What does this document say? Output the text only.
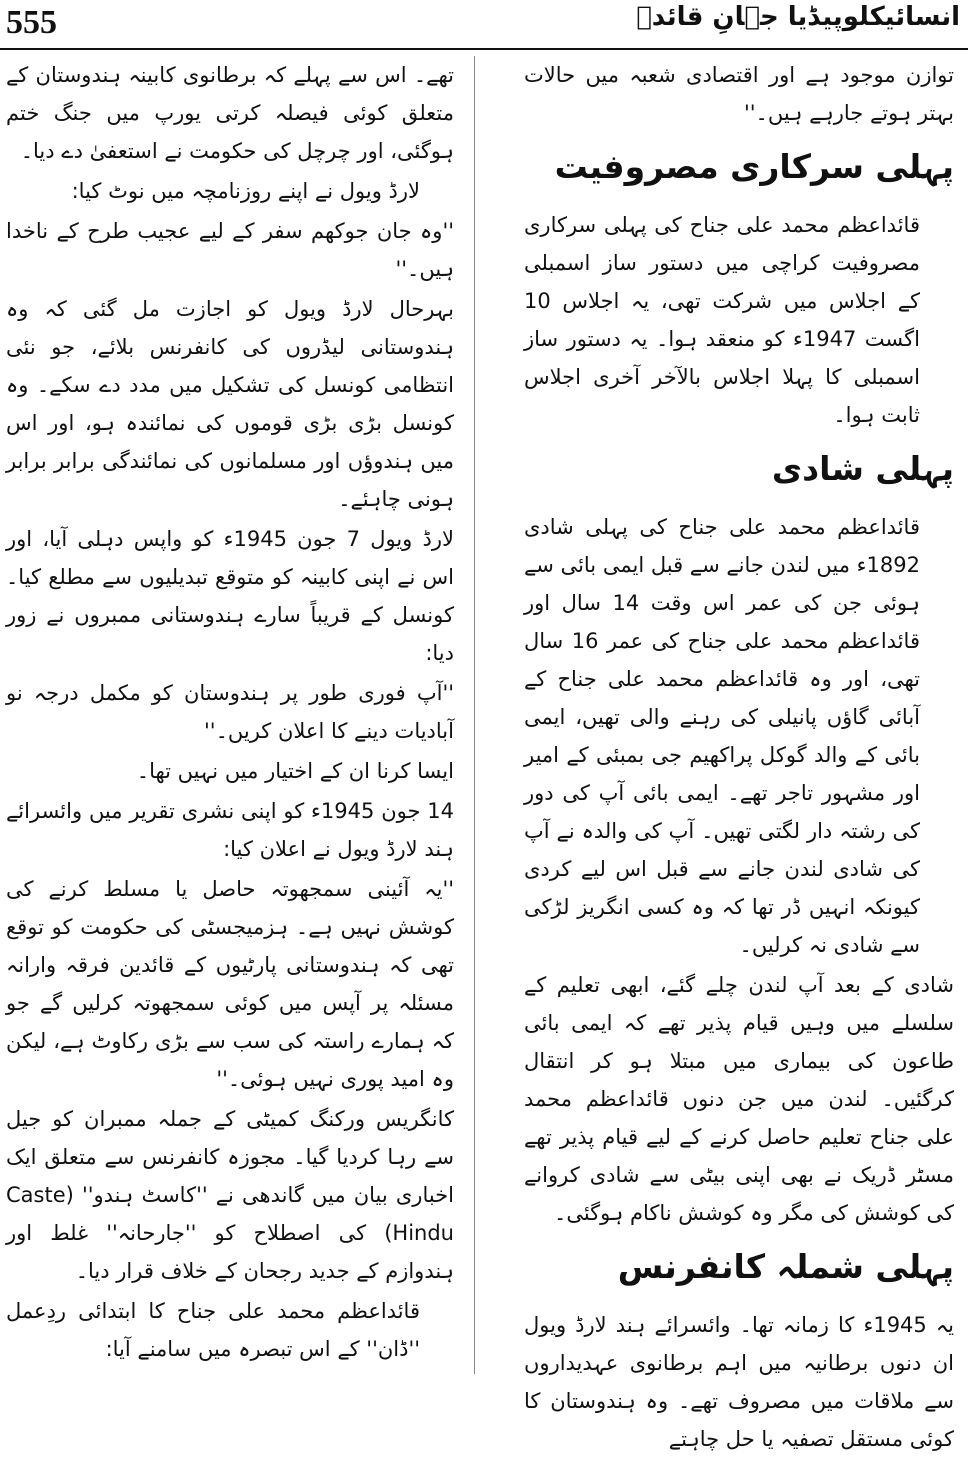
555	انسائیکلوپیڈیا جہانِ قائدؒ

توازن موجود ہے اور اقتصادی شعبہ میں حالات بہتر ہوتے جارہے ہیں۔''

پہلی سرکاری مصروفیت

قائداعظم محمد علی جناح کی پہلی سرکاری مصروفیت کراچی میں دستور ساز اسمبلی کے اجلاس میں شرکت تھی، یہ اجلاس 10 اگست 1947ء کو منعقد ہوا۔ یہ دستور ساز اسمبلی کا پہلا اجلاس بالآخر آخری اجلاس ثابت ہوا۔

پہلی شادی

قائداعظم محمد علی جناح کی پہلی شادی 1892ء میں لندن جانے سے قبل ایمی بائی سے ہوئی جن کی عمر اس وقت 14 سال اور قائداعظم محمد علی جناح کی عمر 16 سال تھی، اور وہ قائداعظم محمد علی جناح کے آبائی گاؤں پانیلی کی رہنے والی تھیں، ایمی بائی کے والد گوکل پراکھیم جی بمبئی کے امیر اور مشہور تاجر تھے۔ ایمی بائی آپ کی دور کی رشتہ دار لگتی تھیں۔ آپ کی والدہ نے آپ کی شادی لندن جانے سے قبل اس لیے کردی کیونکہ انہیں ڈر تھا کہ وہ کسی انگریز لڑکی سے شادی نہ کرلیں۔

شادی کے بعد آپ لندن چلے گئے، ابھی تعلیم کے سلسلے میں وہیں قیام پذیر تھے کہ ایمی بائی طاعون کی بیماری میں مبتلا ہو کر انتقال کرگئیں۔ لندن میں جن دنوں قائداعظم محمد علی جناح تعلیم حاصل کرنے کے لیے قیام پذیر تھے مسٹر ڈریک نے بھی اپنی بیٹی سے شادی کروانے کی کوشش کی مگر وہ کوشش ناکام ہوگئی۔

پہلی شملہ کانفرنس

یہ 1945ء کا زمانہ تھا۔ وائسرائے ہند لارڈ ویول ان دنوں برطانیہ میں اہم برطانوی عہدیداروں سے ملاقات میں مصروف تھے۔ وہ ہندوستان کا کوئی مستقل تصفیہ یا حل چاہتے

تھے۔ اس سے پہلے کہ برطانوی کابینہ ہندوستان کے متعلق کوئی فیصلہ کرتی یورپ میں جنگ ختم ہوگئی، اور چرچل کی حکومت نے استعفیٰ دے دیا۔

لارڈ ویول نے اپنے روزنامچہ میں نوٹ کیا:

''وہ جان جوکھم سفر کے لیے عجیب طرح کے ناخدا ہیں۔''

بہرحال لارڈ ویول کو اجازت مل گئی کہ وہ ہندوستانی لیڈروں کی کانفرنس بلائے، جو نئی انتظامی کونسل کی تشکیل میں مدد دے سکے۔ وہ کونسل بڑی بڑی قوموں کی نمائندہ ہو، اور اس میں ہندوؤں اور مسلمانوں کی نمائندگی برابر برابر ہونی چاہئے۔

لارڈ ویول 7 جون 1945ء کو واپس دہلی آیا، اور اس نے اپنی کابینہ کو متوقع تبدیلیوں سے مطلع کیا۔ کونسل کے قریباً سارے ہندوستانی ممبروں نے زور دیا:

''آپ فوری طور پر ہندوستان کو مکمل درجہ نو آبادیات دینے کا اعلان کریں۔''

ایسا کرنا ان کے اختیار میں نہیں تھا۔

14 جون 1945ء کو اپنی نشری تقریر میں وائسرائے ہند لارڈ ویول نے اعلان کیا:

''یہ آئینی سمجھوتہ حاصل یا مسلط کرنے کی کوشش نہیں ہے۔ ہزمیجسٹی کی حکومت کو توقع تھی کہ ہندوستانی پارٹیوں کے قائدین فرقہ وارانہ مسئلہ پر آپس میں کوئی سمجھوتہ کرلیں گے جو کہ ہمارے راستہ کی سب سے بڑی رکاوٹ ہے، لیکن وہ امید پوری نہیں ہوئی۔''

کانگریس ورکنگ کمیٹی کے جملہ ممبران کو جیل سے رہا کردیا گیا۔ مجوزہ کانفرنس سے متعلق ایک اخباری بیان میں گاندھی نے ''کاسٹ ہندو'' (Caste Hindu) کی اصطلاح کو ''جارحانہ'' غلط اور ہندوازم کے جدید رجحان کے خلاف قرار دیا۔

قائداعظم محمد علی جناح کا ابتدائی ردِعمل ''ڈان'' کے اس تبصرہ میں سامنے آیا:
